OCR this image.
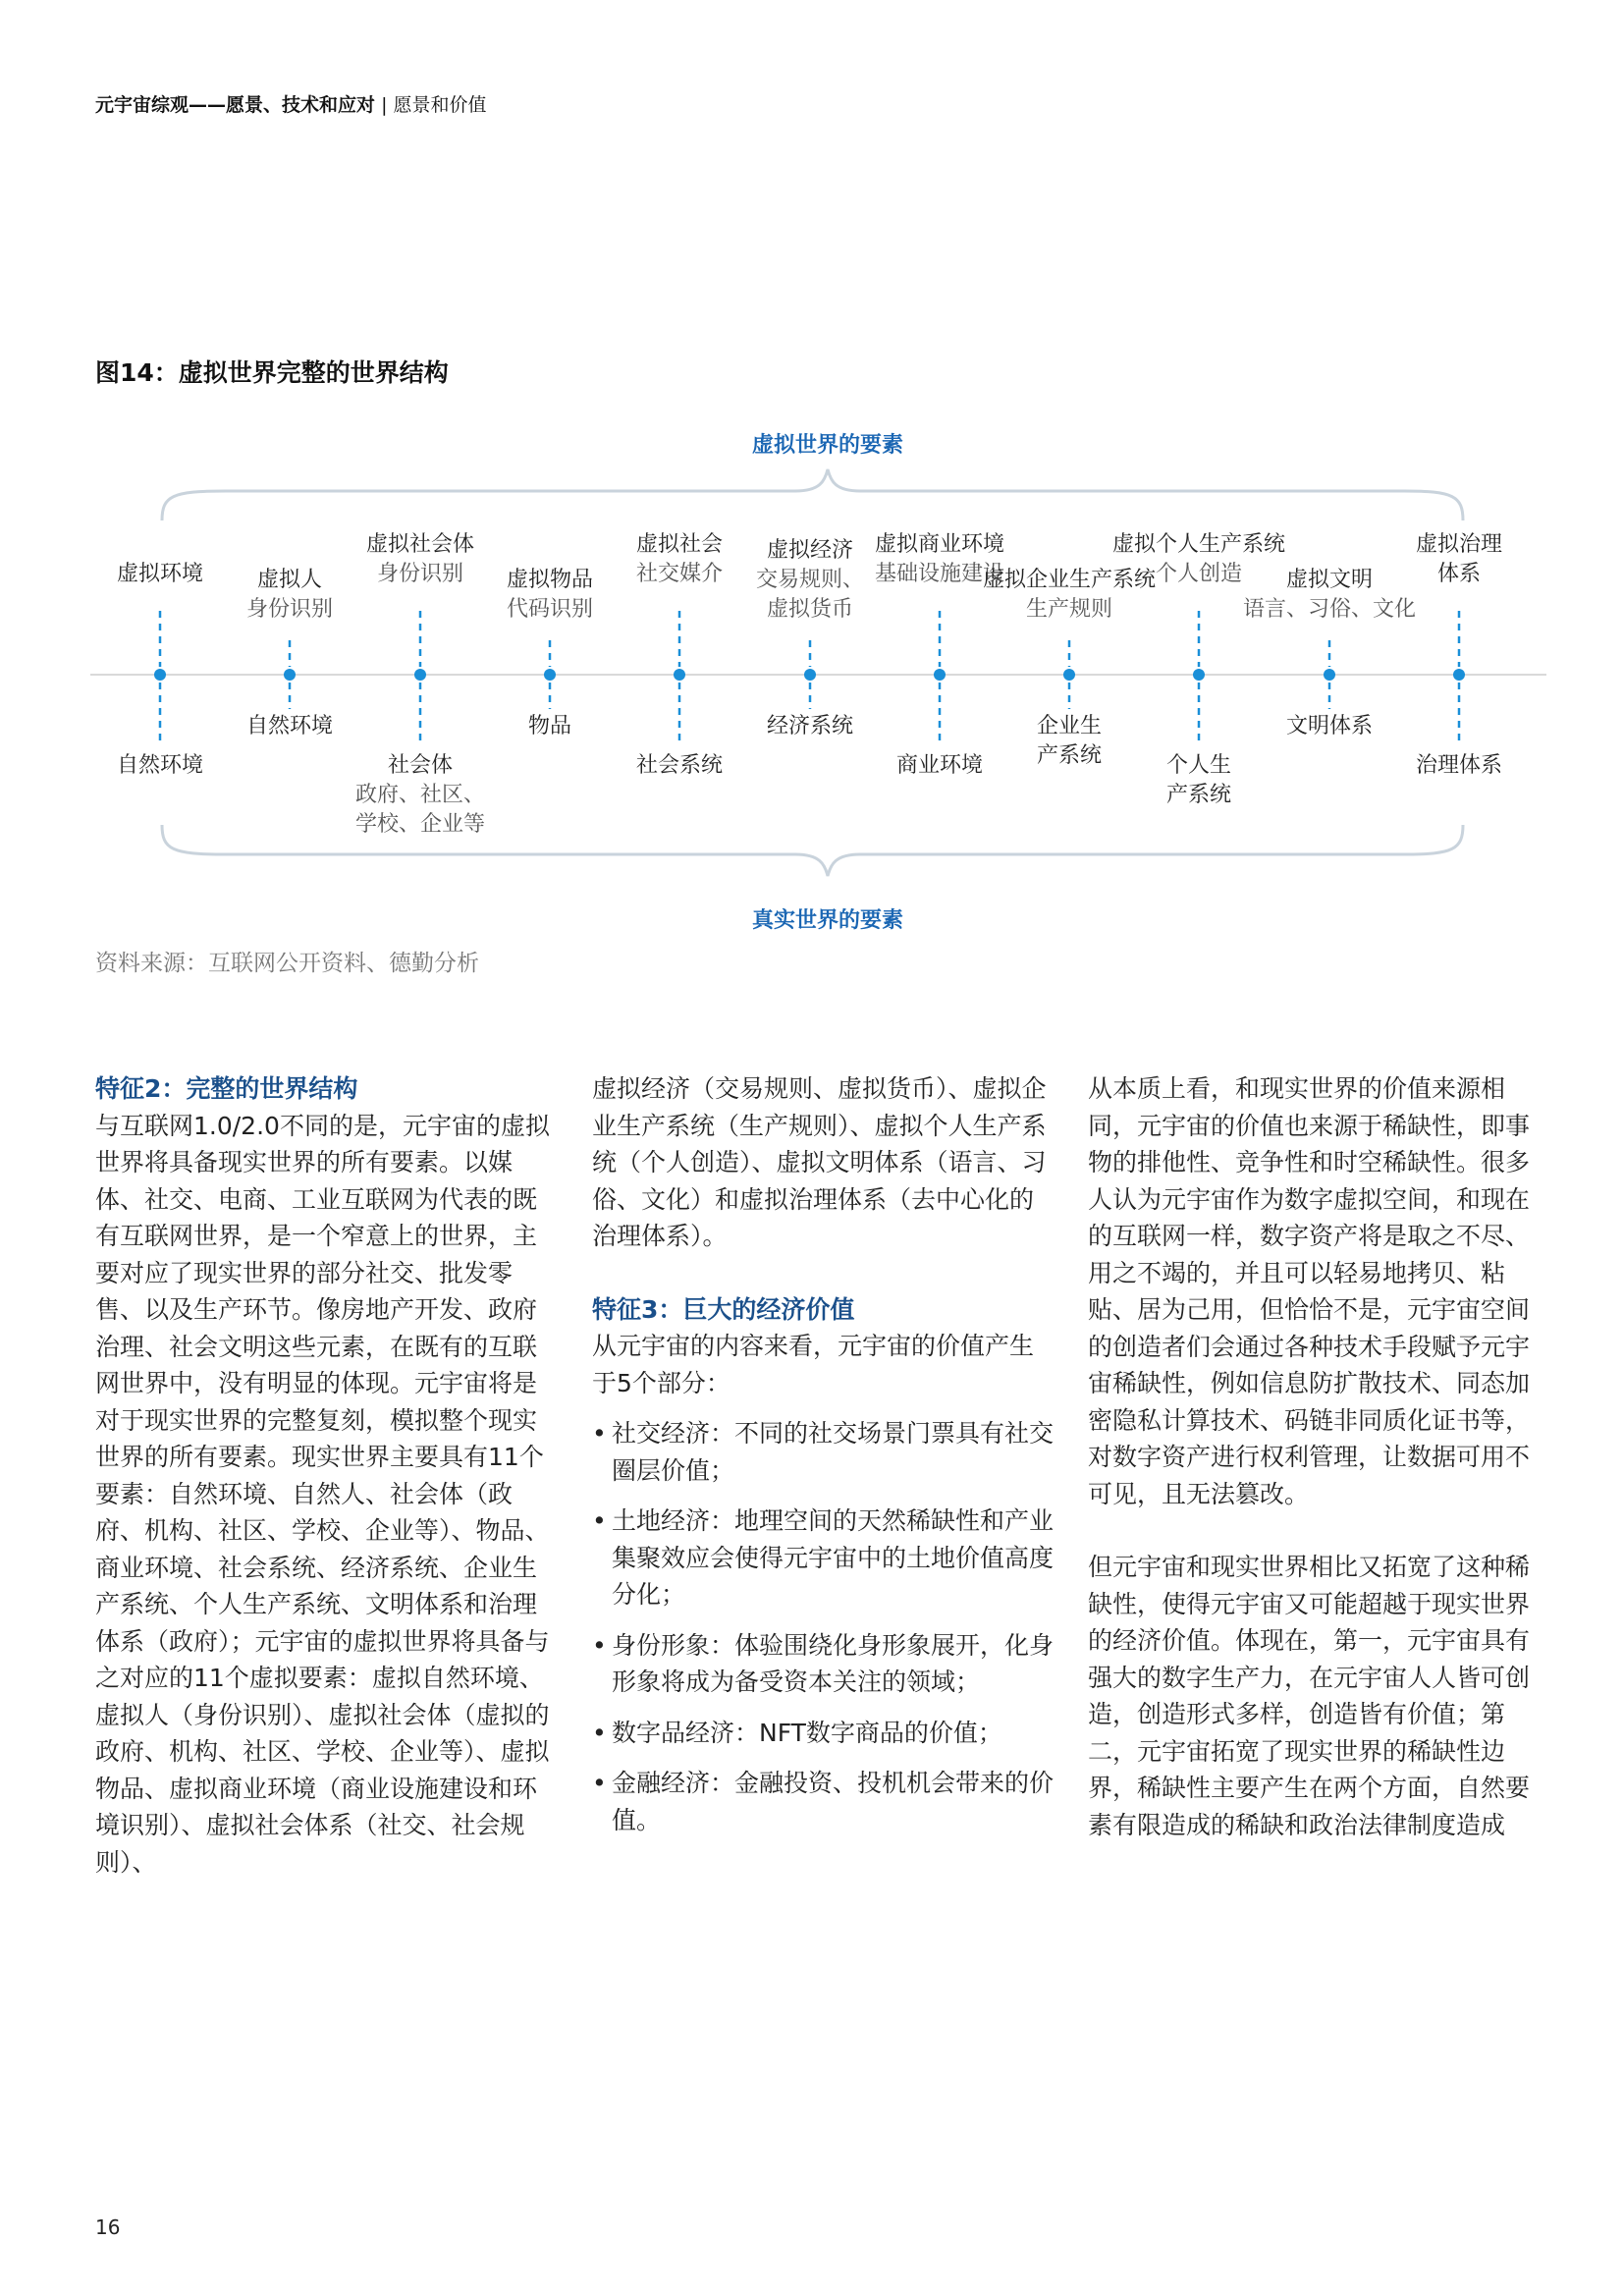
元宇宙综观——愿景、技术和应对 | 愿景和价值
图14：虚拟世界完整的世界结构
虚拟世界的要素
真实世界的要素
虚拟环境
自然环境
虚拟人
身份识别
自然环境
虚拟社会体
身份识别
社会体
政府、社区、
学校、企业等
虚拟物品
代码识别
物品
虚拟社会
社交媒介
社会系统
虚拟经济
交易规则、
虚拟货币
经济系统
虚拟商业环境
基础设施建设
商业环境
虚拟企业生产系统
生产规则
企业生
产系统
虚拟个人生产系统
个人创造
个人生
产系统
虚拟文明
语言、习俗、文化
文明体系
虚拟治理
体系
治理体系
资料来源：互联网公开资料、德勤分析

特征2：完整的世界结构

与互联网1.0/2.0不同的是，元宇宙的虚拟世界将具备现实世界的所有要素。以媒体、社交、电商、工业互联网为代表的既有互联网世界，是一个窄意上的世界，主要对应了现实世界的部分社交、批发零售、以及生产环节。像房地产开发、政府治理、社会文明这些元素，在既有的互联网世界中，没有明显的体现。元宇宙将是对于现实世界的完整复刻，模拟整个现实世界的所有要素。现实世界主要具有11个要素：自然环境、自然人、社会体（政府、机构、社区、学校、企业等）、物品、商业环境、社会系统、经济系统、企业生产系统、个人生产系统、文明体系和治理体系（政府）；元宇宙的虚拟世界将具备与之对应的11个虚拟要素：虚拟自然环境、虚拟人（身份识别）、虚拟社会体（虚拟的政府、机构、社区、学校、企业等）、虚拟物品、虚拟商业环境（商业设施建设和环境识别）、虚拟社会体系（社交、社会规则）、

虚拟经济（交易规则、虚拟货币）、虚拟企业生产系统（生产规则）、虚拟个人生产系统（个人创造）、虚拟文明体系（语言、习俗、文化）和虚拟治理体系（去中心化的治理体系）。

特征3：巨大的经济价值

从元宇宙的内容来看，元宇宙的价值产生于5个部分：

• 社交经济：不同的社交场景门票具有社交圈层价值；
• 土地经济：地理空间的天然稀缺性和产业集聚效应会使得元宇宙中的土地价值高度分化；
• 身份形象：体验围绕化身形象展开，化身形象将成为备受资本关注的领域；
• 数字品经济：NFT数字商品的价值；
• 金融经济：金融投资、投机机会带来的价值。

从本质上看，和现实世界的价值来源相同，元宇宙的价值也来源于稀缺性，即事物的排他性、竞争性和时空稀缺性。很多人认为元宇宙作为数字虚拟空间，和现在的互联网一样，数字资产将是取之不尽、用之不竭的，并且可以轻易地拷贝、粘贴、居为己用，但恰恰不是，元宇宙空间的创造者们会通过各种技术手段赋予元宇宙稀缺性，例如信息防扩散技术、同态加密隐私计算技术、码链非同质化证书等，对数字资产进行权利管理，让数据可用不可见，且无法篡改。

但元宇宙和现实世界相比又拓宽了这种稀缺性，使得元宇宙又可能超越于现实世界的经济价值。体现在，第一，元宇宙具有强大的数字生产力，在元宇宙人人皆可创造，创造形式多样，创造皆有价值；第二，元宇宙拓宽了现实世界的稀缺性边界，稀缺性主要产生在两个方面，自然要素有限造成的稀缺和政治法律制度造成

16
